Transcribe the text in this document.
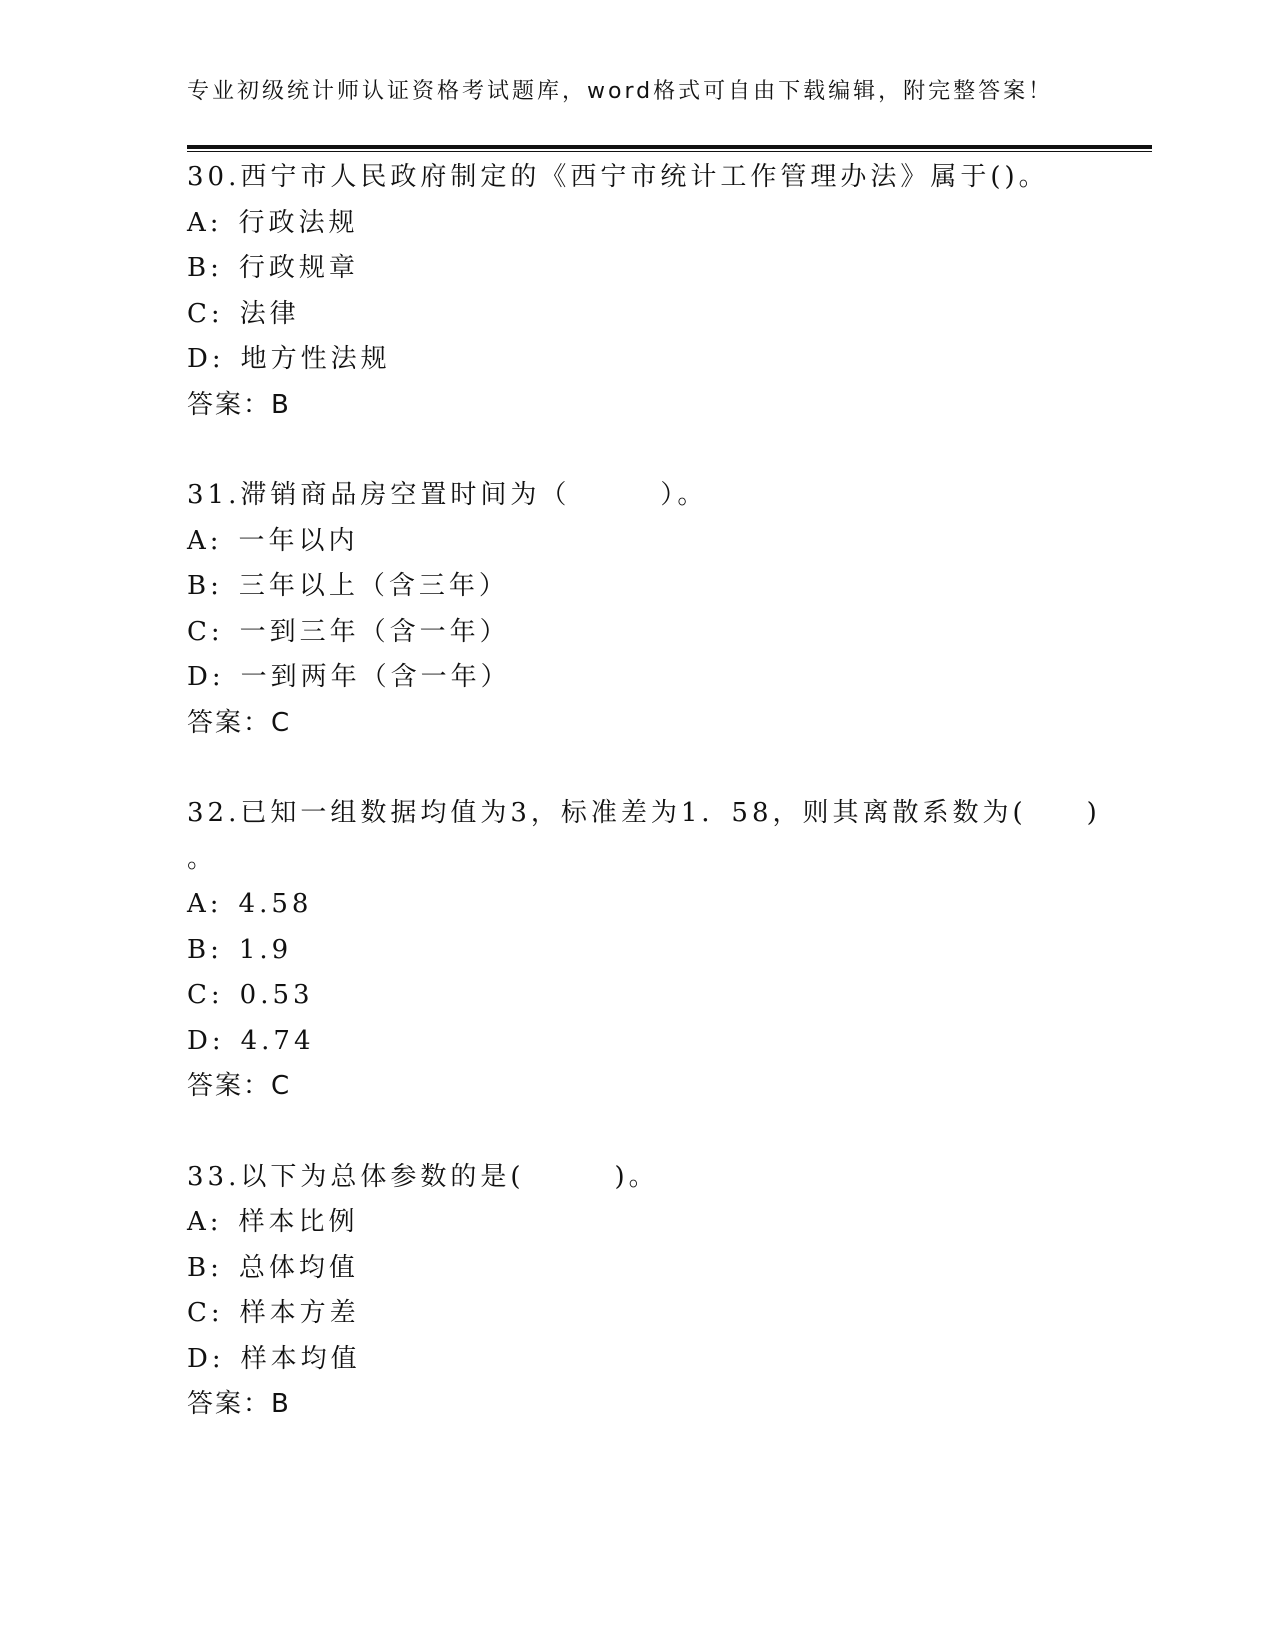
专业初级统计师认证资格考试题库，word格式可自由下载编辑，附完整答案！
30.西宁市人民政府制定的《西宁市统计工作管理办法》属于()。
A: 行政法规
B: 行政规章
C: 法律
D: 地方性法规
答案：B
31.滞销商品房空置时间为（　　　）。
A: 一年以内
B: 三年以上（含三年）
C: 一到三年（含一年）
D: 一到两年（含一年）
答案：C
32.已知一组数据均值为3，标准差为1．58，则其离散系数为(　　)
。
A: 4.58
B: 1.9
C: 0.53
D: 4.74
答案：C
33.以下为总体参数的是(　　　)。
A: 样本比例
B: 总体均值
C: 样本方差
D: 样本均值
答案：B
